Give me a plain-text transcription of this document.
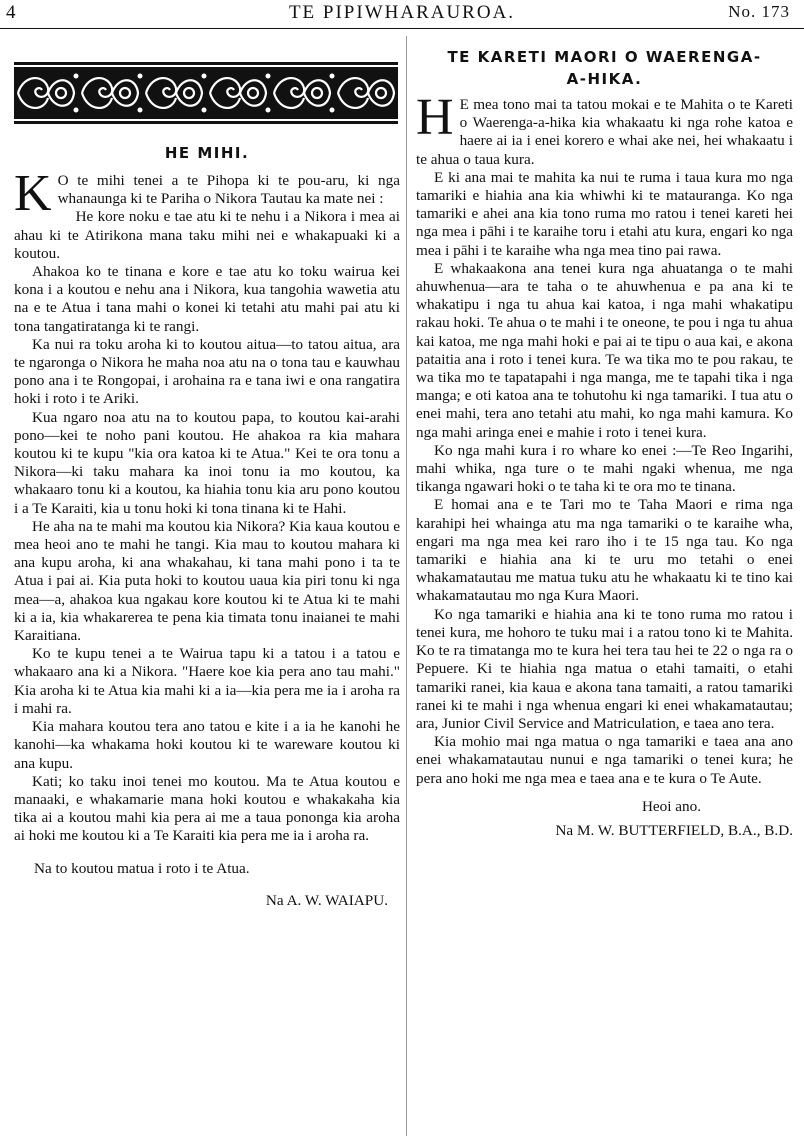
4	TE PIPIWHARAUROA.	No. 173
HE MIHI.

K O te mihi tenei a te Pihopa ki te pou-aru, ki nga whanaunga ki te Pariha o Nikora Tautau ka mate nei :

He kore noku e tae atu ki te nehu i a Nikora i mea ai ahau ki te Atirikona mana taku mihi nei e whakapuaki ki a koutou.

Ahakoa ko te tinana e kore e tae atu ko toku wairua kei kona i a koutou e nehu ana i Nikora, kua tangohia wawetia atu na e te Atua i tana mahi o konei ki tetahi atu mahi pai atu ki tona tangatiratanga ki te rangi.

Ka nui ra toku aroha ki to koutou aitua—to tatou aitua, ara te ngaronga o Nikora he maha noa atu na o tona tau e kauwhau pono ana i te Rongopai, i arohaina ra e tana iwi e ona rangatira hoki i roto i te Ariki.

Kua ngaro noa atu na to koutou papa, to koutou kai-arahi pono—kei te noho pani koutou. He ahakoa ra kia mahara koutou ki te kupu "kia ora katoa ki te Atua." Kei te ora tonu a Nikora—ki taku mahara ka inoi tonu ia mo koutou, ka whakaaro tonu ki a koutou, ka hiahia tonu kia aru pono koutou i a Te Karaiti, kia u tonu hoki ki tona tinana ki te Hahi.

He aha na te mahi ma koutou kia Nikora? Kia kaua koutou e mea heoi ano te mahi he tangi. Kia mau to koutou mahara ki ana kupu aroha, ki ana whakahau, ki tana mahi pono i ta te Atua i pai ai. Kia puta hoki to koutou uaua kia piri tonu ki nga mea—a, ahakoa kua ngakau kore koutou ki te Atua ki te mahi ki a ia, kia whakarerea te pena kia timata tonu inaianei te mahi Karaitiana.

Ko te kupu tenei a te Wairua tapu ki a tatou i a tatou e whakaaro ana ki a Nikora. "Haere koe kia pera ano tau mahi." Kia aroha ki te Atua kia mahi ki a ia—kia pera me ia i aroha ra i mahi ra.

Kia mahara koutou tera ano tatou e kite i a ia he kanohi he kanohi—ka whakama hoki koutou ki te wareware koutou ki ana kupu.

Kati; ko taku inoi tenei mo koutou. Ma te Atua koutou e manaaki, e whakamarie mana hoki koutou e whakakaha kia tika ai a koutou mahi kia pera ai me a taua pononga kia aroha ai hoki me koutou ki a Te Karaiti kia pera me ia i aroha ra.

Na to koutou matua i roto i te Atua.
Na A. W. WAIAPU.
TE KARETI MAORI O WAERENGA-
A-HIKA.

H E mea tono mai ta tatou mokai e te Mahita o te Kareti o Waerenga-a-hika kia whakaatu ki nga rohe katoa e haere ai ia i enei korero e whai ake nei, hei whakaatu i te ahua o taua kura.

E ki ana mai te mahita ka nui te ruma i taua kura mo nga tamariki e hiahia ana kia whiwhi ki te matauranga. Ko nga tamariki e ahei ana kia tono ruma mo ratou i tenei kareti hei nga mea i pāhi i te karaihe toru i etahi atu kura, engari ko nga mea i pāhi i te karaihe wha nga mea tino pai rawa.

E whakaakona ana tenei kura nga ahuatanga o te mahi ahuwhenua—ara te taha o te ahuwhenua e pa ana ki te whakatipu i nga tu ahua kai katoa, i nga mahi whakatipu rakau hoki. Te ahua o te mahi i te oneone, te pou i nga tu ahua kai katoa, me nga mahi hoki e pai ai te tipu o aua kai, e akona pataitia ana i roto i tenei kura. Te wa tika mo te pou rakau, te wa tika mo te tapatapahi i nga manga, me te tapahi tika i nga manga; e oti katoa ana te tohutohu ki nga tamariki. I tua atu o enei mahi, tera ano tetahi atu mahi, ko nga mahi kamura. Ko nga mahi aringa enei e mahie i roto i tenei kura.

Ko nga mahi kura i ro whare ko enei :—Te Reo Ingarihi, mahi whika, nga ture o te mahi ngaki whenua, me nga tikanga ngawari hoki o te taha ki te ora mo te tinana.

E homai ana e te Tari mo te Taha Maori e rima nga karahipi hei whainga atu ma nga tamariki o te karaihe wha, engari ma nga mea kei raro iho i te 15 nga tau. Ko nga tamariki e hiahia ana ki te uru mo tetahi o enei whakamatautau me matua tuku atu he whakaatu ki te tino kai whakamatautau mo nga Kura Maori.

Ko nga tamariki e hiahia ana ki te tono ruma mo ratou i tenei kura, me hohoro te tuku mai i a ratou tono ki te Mahita. Ko te ra timatanga mo te kura hei tera tau hei te 22 o nga ra o Pepuere. Ki te hiahia nga matua o etahi tamaiti, o etahi tamariki ranei, kia kaua e akona tana tamaiti, a ratou tamariki ranei ki te mahi i nga whenua engari ki enei whakamatautau; ara, Junior Civil Service and Matriculation, e taea ano tera.

Kia mohio mai nga matua o nga tamariki e taea ana ano enei whakamatautau nunui e nga tamariki o tenei kura; he pera ano hoki me nga mea e taea ana e te kura o Te Aute.

Heoi ano.
Na M. W. BUTTERFIELD, B.A., B.D.
